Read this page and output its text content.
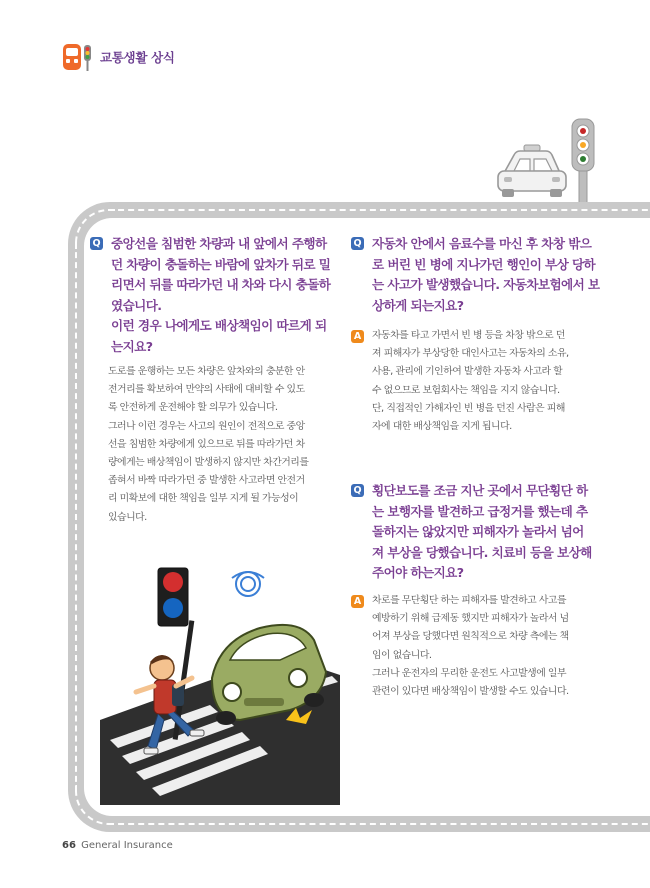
교통생활 상식
Q 중앙선을 침범한 차량과 내 앞에서 주행하
던 차량이 충돌하는 바람에 앞차가 뒤로 밀
리면서 뒤를 따라가던 내 차와 다시 충돌하
였습니다.
이런 경우 나에게도 배상책임이 따르게 되
는지요?
도로를 운행하는 모든 차량은 앞차와의 충분한 안
전거리를 확보하여 만약의 사태에 대비할 수 있도
록 안전하게 운전해야 할 의무가 있습니다.
그러나 이런 경우는 사고의 원인이 전적으로 중앙
선을 침범한 차량에게 있으므로 뒤를 따라가던 차
량에게는 배상책임이 발생하지 않지만 차간거리를
좁혀서 바짝 따라가던 중 발생한 사고라면 안전거
리 미확보에 대한 책임을 일부 지게 될 가능성이
있습니다.
Q 자동차 안에서 음료수를 마신 후 차창 밖으
로 버린 빈 병에 지나가던 행인이 부상 당하
는 사고가 발생했습니다. 자동차보험에서 보
상하게 되는지요?
A 자동차를 타고 가면서 빈 병 등을 차창 밖으로 던
져 피해자가 부상당한 대인사고는 자동차의 소유,
사용, 관리에 기인하여 발생한 자동차 사고라 할
수 없으므로 보험회사는 책임을 지지 않습니다.
단, 직접적인 가해자인 빈 병을 던진 사람은 피해
자에 대한 배상책임을 지게 됩니다.
Q 횡단보도를 조금 지난 곳에서 무단횡단 하
는 보행자를 발견하고 급정거를 했는데 추
돌하지는 않았지만 피해자가 놀라서 넘어
져 부상을 당했습니다. 치료비 등을 보상해
주어야 하는지요?
A 차로를 무단횡단 하는 피해자를 발견하고 사고를
예방하기 위해 급제동 했지만 피해자가 놀라서 넘
어져 부상을 당했다면 원칙적으로 차량 측에는 책
임이 없습니다.
그러나 운전자의 무리한 운전도 사고발생에 일부
관련이 있다면 배상책임이 발생할 수도 있습니다.
66 General Insurance
